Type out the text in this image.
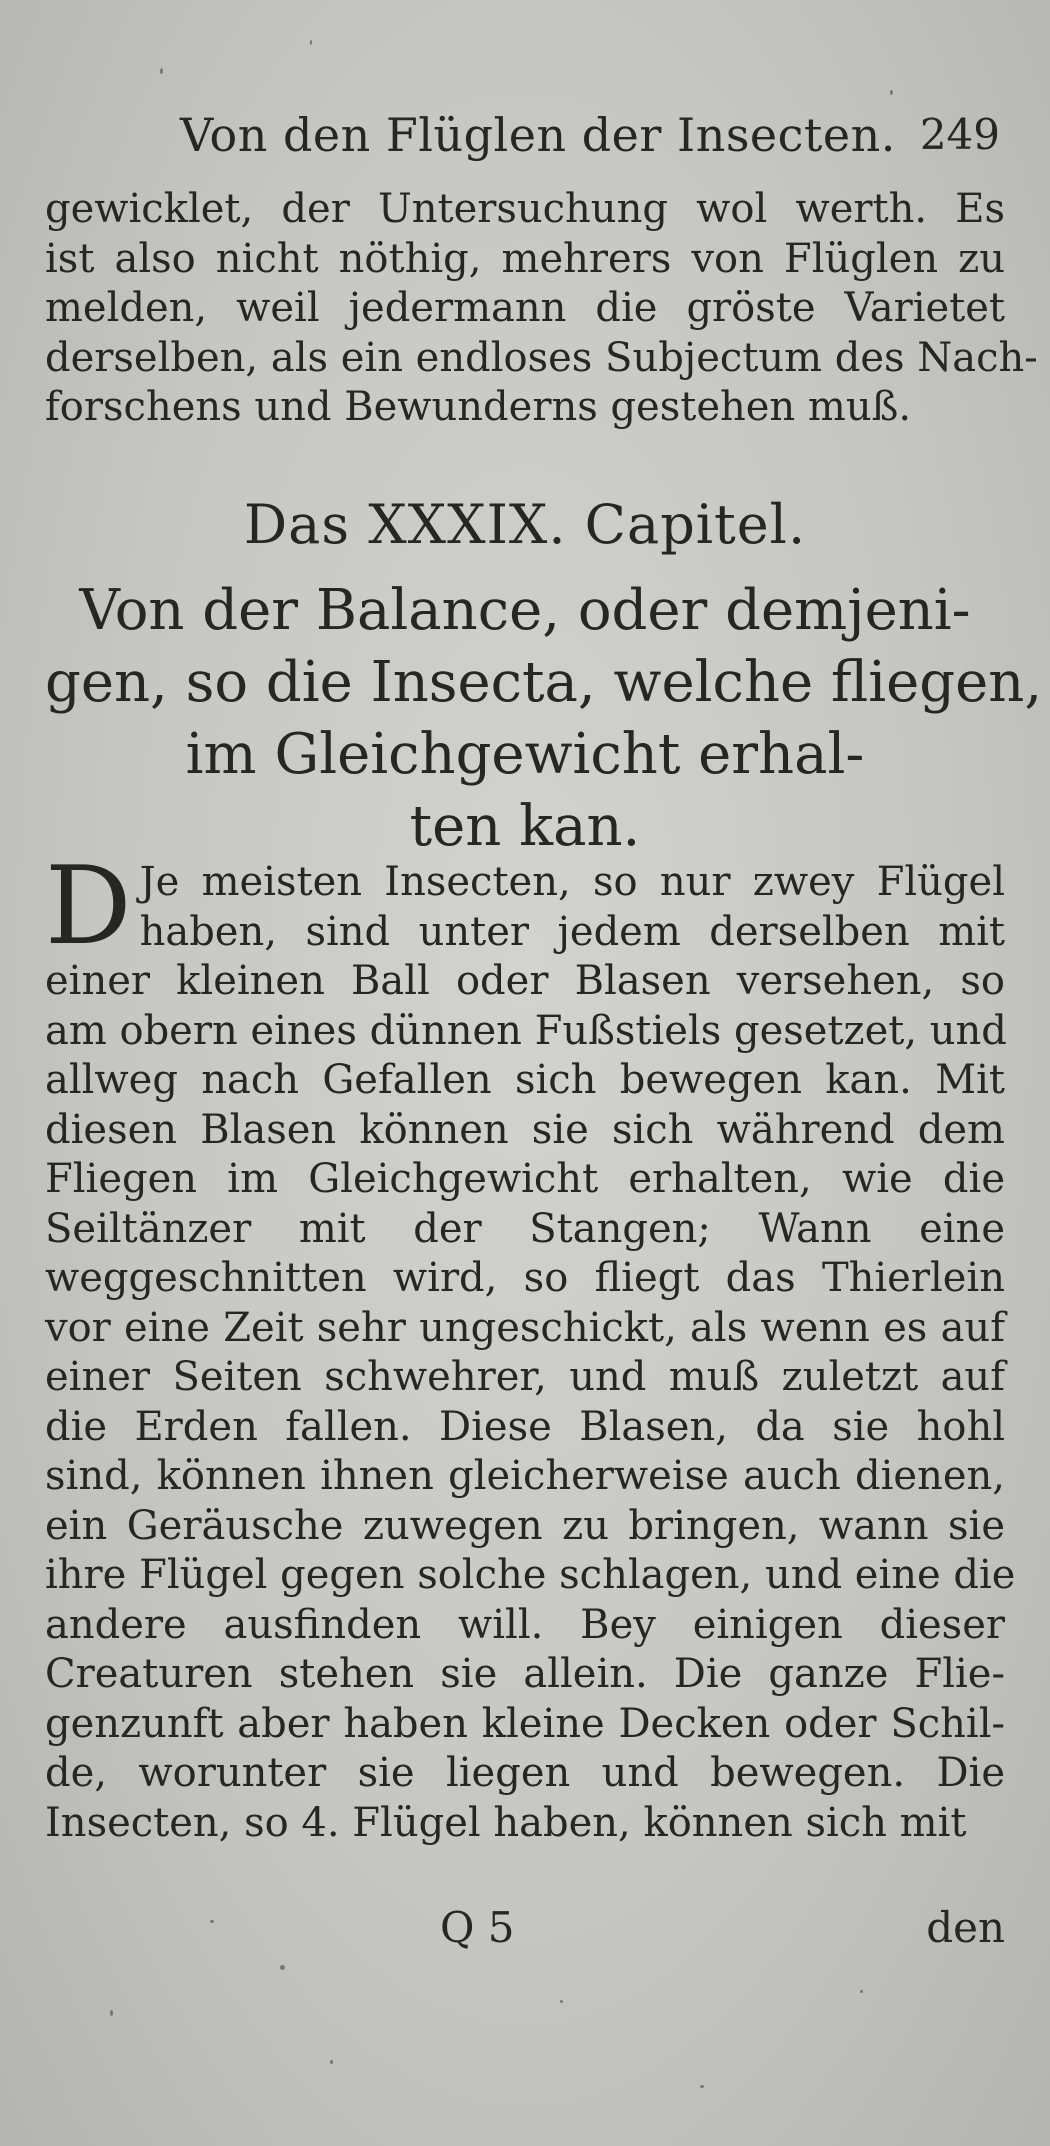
Von den Flüglen der Insecten. 249

gewicklet, der Untersuchung wol werth. Es
ist also nicht nöthig, mehrers von Flüglen zu
melden, weil jedermann die gröste Varietet
derselben, als ein endloses Subjectum des Nach-
forschens und Bewunderns gestehen muß.

Das XXXIX. Capitel.
Von der Balance, oder demjeni-
gen, so die Insecta, welche fliegen,
im Gleichgewicht erhal-
ten kan.

D Je meisten Insecten, so nur zwey Flügel
haben, sind unter jedem derselben mit
einer kleinen Ball oder Blasen versehen, so
am obern eines dünnen Fußstiels gesetzet, und
allweg nach Gefallen sich bewegen kan. Mit
diesen Blasen können sie sich während dem
Fliegen im Gleichgewicht erhalten, wie die
Seiltänzer mit der Stangen; Wann eine
weggeschnitten wird, so fliegt das Thierlein
vor eine Zeit sehr ungeschickt, als wenn es auf
einer Seiten schwehrer, und muß zuletzt auf
die Erden fallen. Diese Blasen, da sie hohl
sind, können ihnen gleicherweise auch dienen,
ein Geräusche zuwegen zu bringen, wann sie
ihre Flügel gegen solche schlagen, und eine die
andere ausfinden will. Bey einigen dieser
Creaturen stehen sie allein. Die ganze Flie-
genzunft aber haben kleine Decken oder Schil-
de, worunter sie liegen und bewegen. Die
Insecten, so 4. Flügel haben, können sich mit

Q 5	den
